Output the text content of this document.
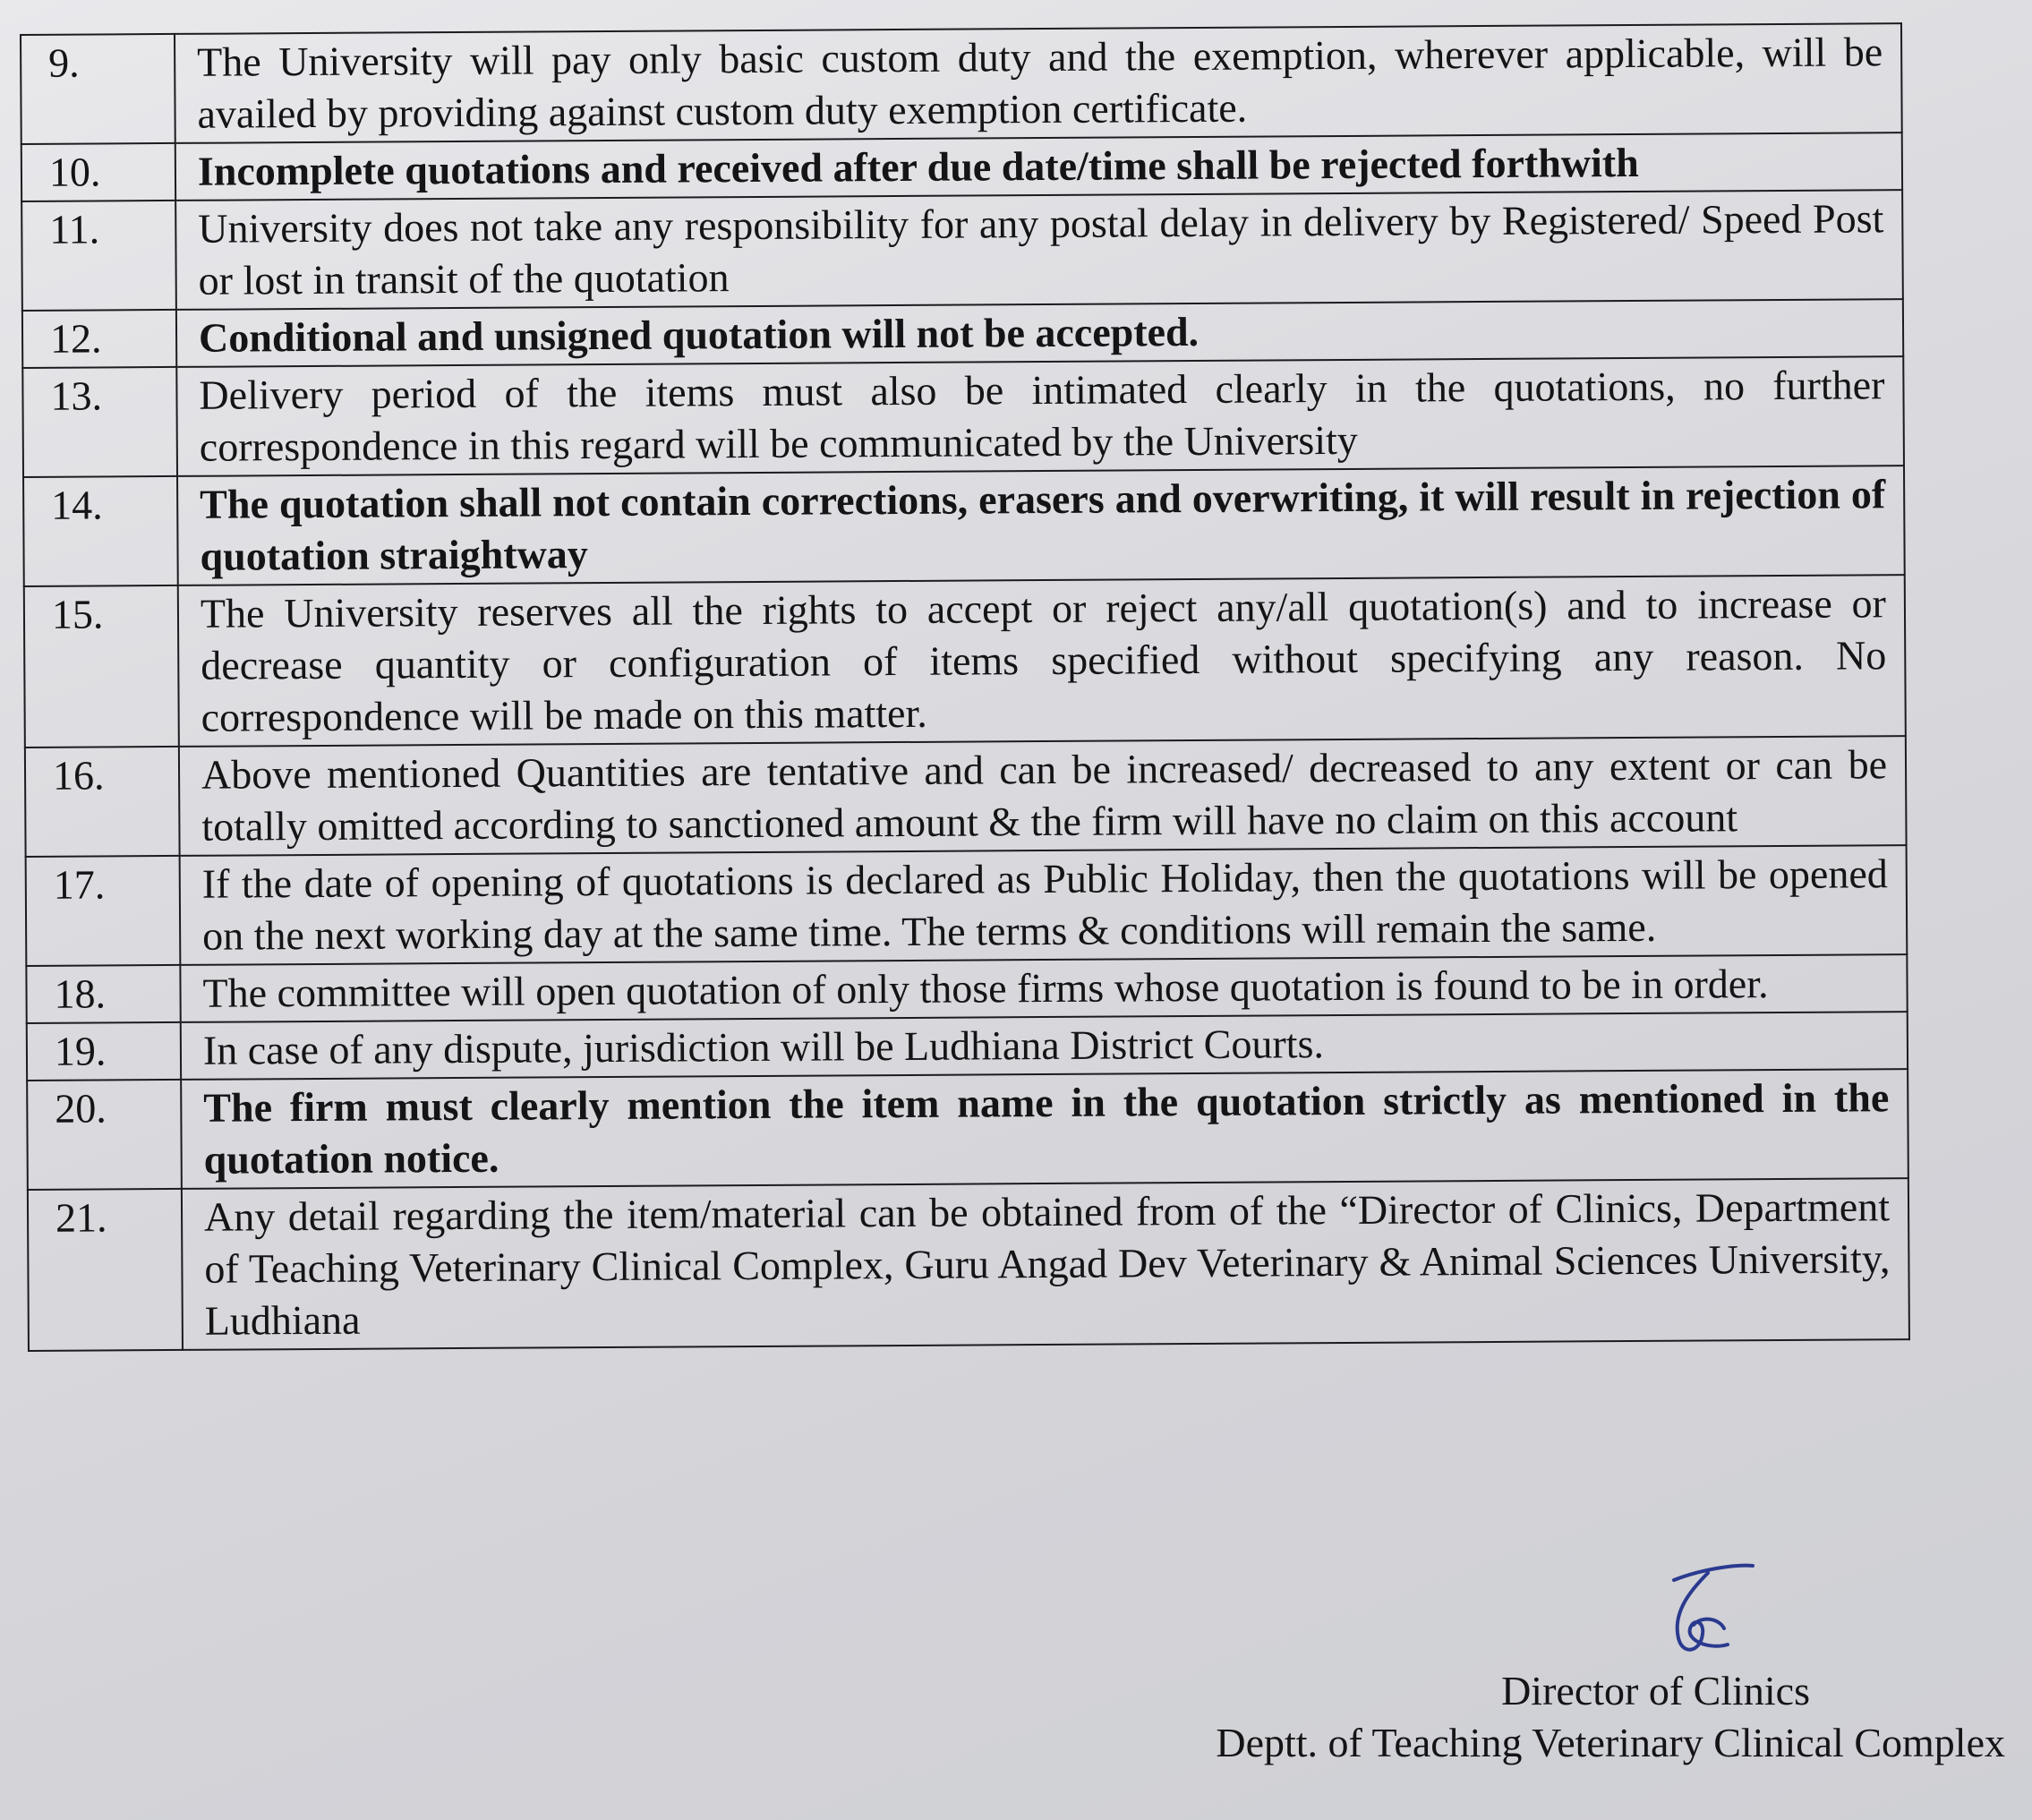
9.	The University will pay only basic custom duty and the exemption, wherever applicable, will be availed by providing against custom duty exemption certificate.
10.	Incomplete quotations and received after due date/time shall be rejected forthwith
11.	University does not take any responsibility for any postal delay in delivery by Registered/ Speed Post or lost in transit of the quotation
12.	Conditional and unsigned quotation will not be accepted.
13.	Delivery period of the items must also be intimated clearly in the quotations, no further correspondence in this regard will be communicated by the University
14.	The quotation shall not contain corrections, erasers and overwriting, it will result in rejection of quotation straightway
15.	The University reserves all the rights to accept or reject any/all quotation(s) and to increase or decrease quantity or configuration of items specified without specifying any reason. No correspondence will be made on this matter.
16.	Above mentioned Quantities are tentative and can be increased/ decreased to any extent or can be totally omitted according to sanctioned amount & the firm will have no claim on this account
17.	If the date of opening of quotations is declared as Public Holiday, then the quotations will be opened on the next working day at the same time. The terms & conditions will remain the same.
18.	The committee will open quotation of only those firms whose quotation is found to be in order.
19.	In case of any dispute, jurisdiction will be Ludhiana District Courts.
20.	The firm must clearly mention the item name in the quotation strictly as mentioned in the quotation notice.
21.	Any detail regarding the item/material can be obtained from of the “Director of Clinics, Department of Teaching Veterinary Clinical Complex, Guru Angad Dev Veterinary & Animal Sciences University, Ludhiana
Director of Clinics
Deptt. of Teaching Veterinary Clinical Complex
